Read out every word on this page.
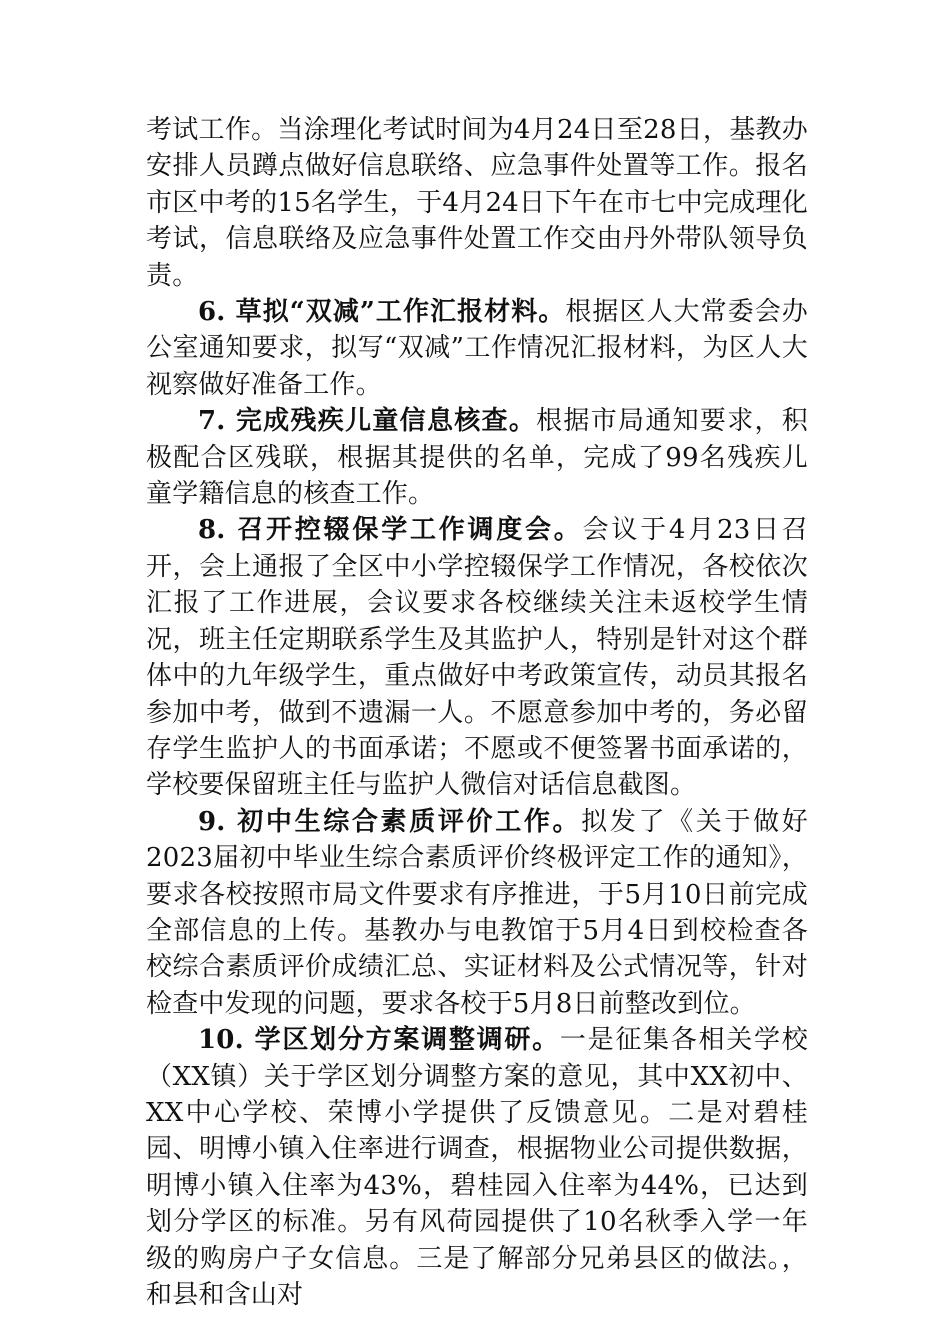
考试工作。当涂理化考试时间为4月24日至28日，基教办安排人员蹲点做好信息联络、应急事件处置等工作。报名市区中考的15名学生，于4月24日下午在市七中完成理化考试，信息联络及应急事件处置工作交由丹外带队领导负责。

6. 草拟“双减”工作汇报材料。根据区人大常委会办公室通知要求，拟写“双减”工作情况汇报材料，为区人大视察做好准备工作。

7. 完成残疾儿童信息核查。根据市局通知要求，积极配合区残联，根据其提供的名单，完成了99名残疾儿童学籍信息的核查工作。

8. 召开控辍保学工作调度会。会议于4月23日召开，会上通报了全区中小学控辍保学工作情况，各校依次汇报了工作进展，会议要求各校继续关注未返校学生情况，班主任定期联系学生及其监护人，特别是针对这个群体中的九年级学生，重点做好中考政策宣传，动员其报名参加中考，做到不遗漏一人。不愿意参加中考的，务必留存学生监护人的书面承诺；不愿或不便签署书面承诺的，学校要保留班主任与监护人微信对话信息截图。

9. 初中生综合素质评价工作。拟发了《关于做好2023届初中毕业生综合素质评价终极评定工作的通知》，要求各校按照市局文件要求有序推进，于5月10日前完成全部信息的上传。基教办与电教馆于5月4日到校检查各校综合素质评价成绩汇总、实证材料及公式情况等，针对检查中发现的问题，要求各校于5月8日前整改到位。

10. 学区划分方案调整调研。一是征集各相关学校（XX镇）关于学区划分调整方案的意见，其中XX初中、XX中心学校、荣博小学提供了反馈意见。二是对碧桂园、明博小镇入住率进行调查，根据物业公司提供数据，明博小镇入住率为43%，碧桂园入住率为44%，已达到划分学区的标准。另有风荷园提供了10名秋季入学一年级的购房户子女信息。三是了解部分兄弟县区的做法。，和县和含山对
